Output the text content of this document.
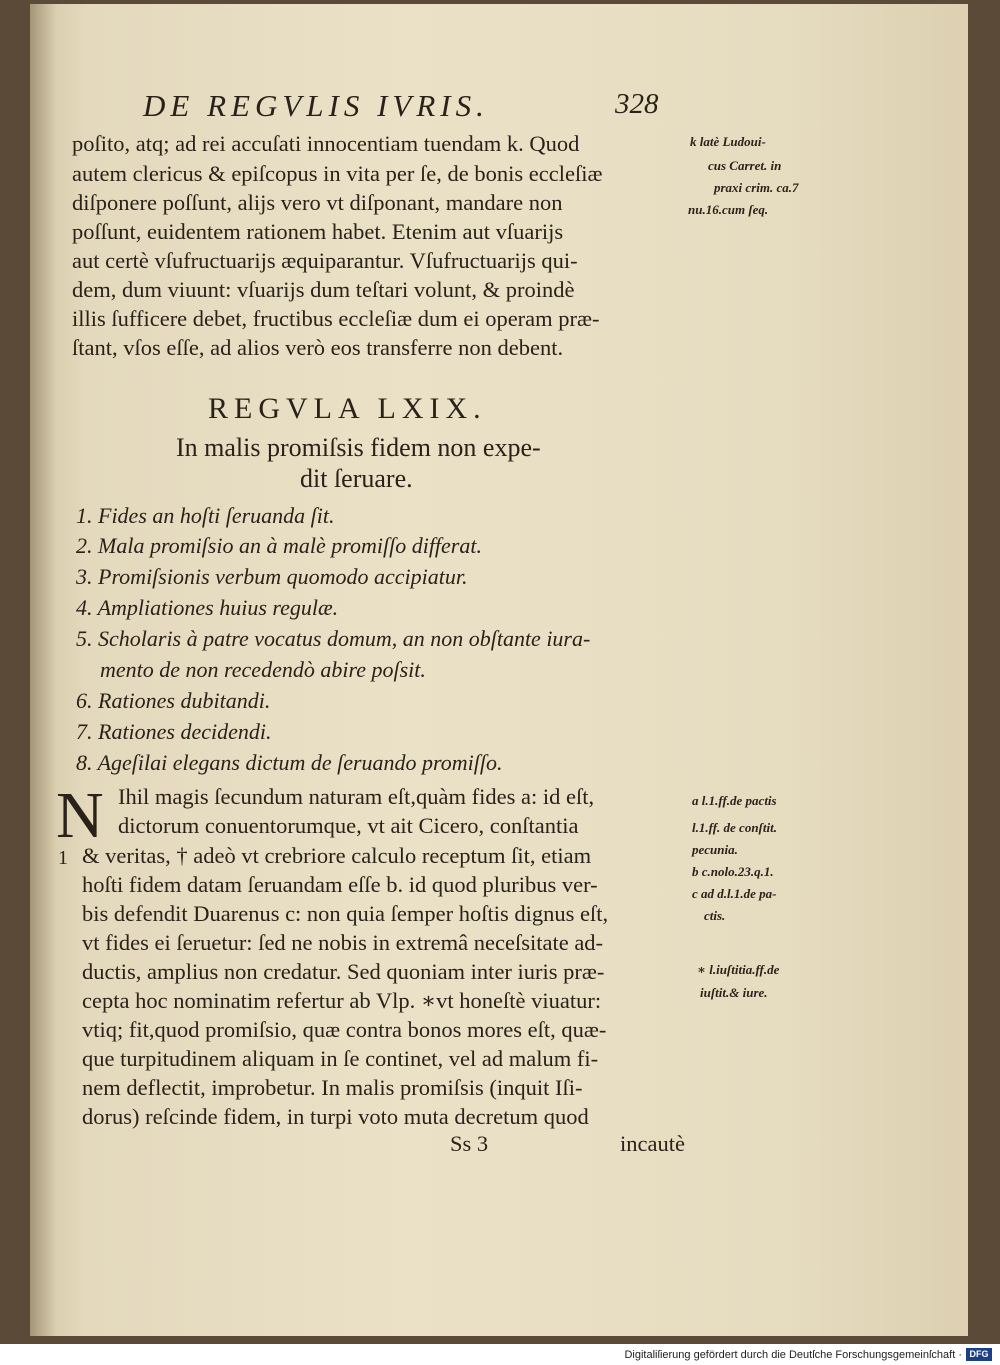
DE REGVLIS IVRIS.	328
poſito, atq; ad rei accuſati innocentiam tuendam k. Quod
autem clericus & epiſcopus in vita per ſe, de bonis eccleſiæ
diſponere poſſunt, alijs vero vt diſponant, mandare non
poſſunt, euidentem rationem habet. Etenim aut vſuarijs
aut certè vſufructuarijs æquiparantur. Vſufructuarijs qui-
dem, dum viuunt: vſuarijs dum teſtari volunt, & proindè
illis ſufficere debet, fructibus eccleſiæ dum ei operam præ-
ſtant, vſos eſſe, ad alios verò eos transferre non debent.
k latè Ludoui-
cus Carret. in
praxi crim. ca.7
nu.16.cum ſeq.
REGVLA LXIX.
In malis promiſsis fidem non expe-
dit ſeruare.
1. Fides an hoſti ſeruanda ſit.
2. Mala promiſsio an à malè promiſſo differat.
3. Promiſsionis verbum quomodo accipiatur.
4. Ampliationes huius regulæ.
5. Scholaris à patre vocatus domum, an non obſtante iura-
mento de non recedendò abire poſsit.
6. Rationes dubitandi.
7. Rationes decidendi.
8. Ageſilai elegans dictum de ſeruando promiſſo.
N Ihil magis ſecundum naturam eſt,quàm fides a: id eſt,
dictorum conuentorumque, vt ait Cicero, conſtantia
1 & veritas, † adeò vt crebriore calculo receptum ſit, etiam
hoſti fidem datam ſeruandam eſſe b. id quod pluribus ver-
bis defendit Duarenus c: non quia ſemper hoſtis dignus eſt,
vt fides ei ſeruetur: ſed ne nobis in extremâ neceſsitate ad-
ductis, amplius non credatur. Sed quoniam inter iuris præ-
cepta hoc nominatim refertur ab Vlp. ∗vt honeſtè viuatur:
vtiq; fit,quod promiſsio, quæ contra bonos mores eſt, quæ-
que turpitudinem aliquam in ſe continet, vel ad malum fi-
nem deflectit, improbetur. In malis promiſsis (inquit Iſi-
dorus) reſcinde fidem, in turpi voto muta decretum quod
a l.1.ff.de pactis
l.1.ff. de conſtit.
pecunia.
b c.nolo.23.q.1.
c ad d.l.1.de pa-
ctis.
∗ l.iuſtitia.ff.de
iuſtit.& iure.
Ss 3	incautè
Digitaliſierung gefördert durch die Deutſche Forschungsgemeinſchaft · DFG
